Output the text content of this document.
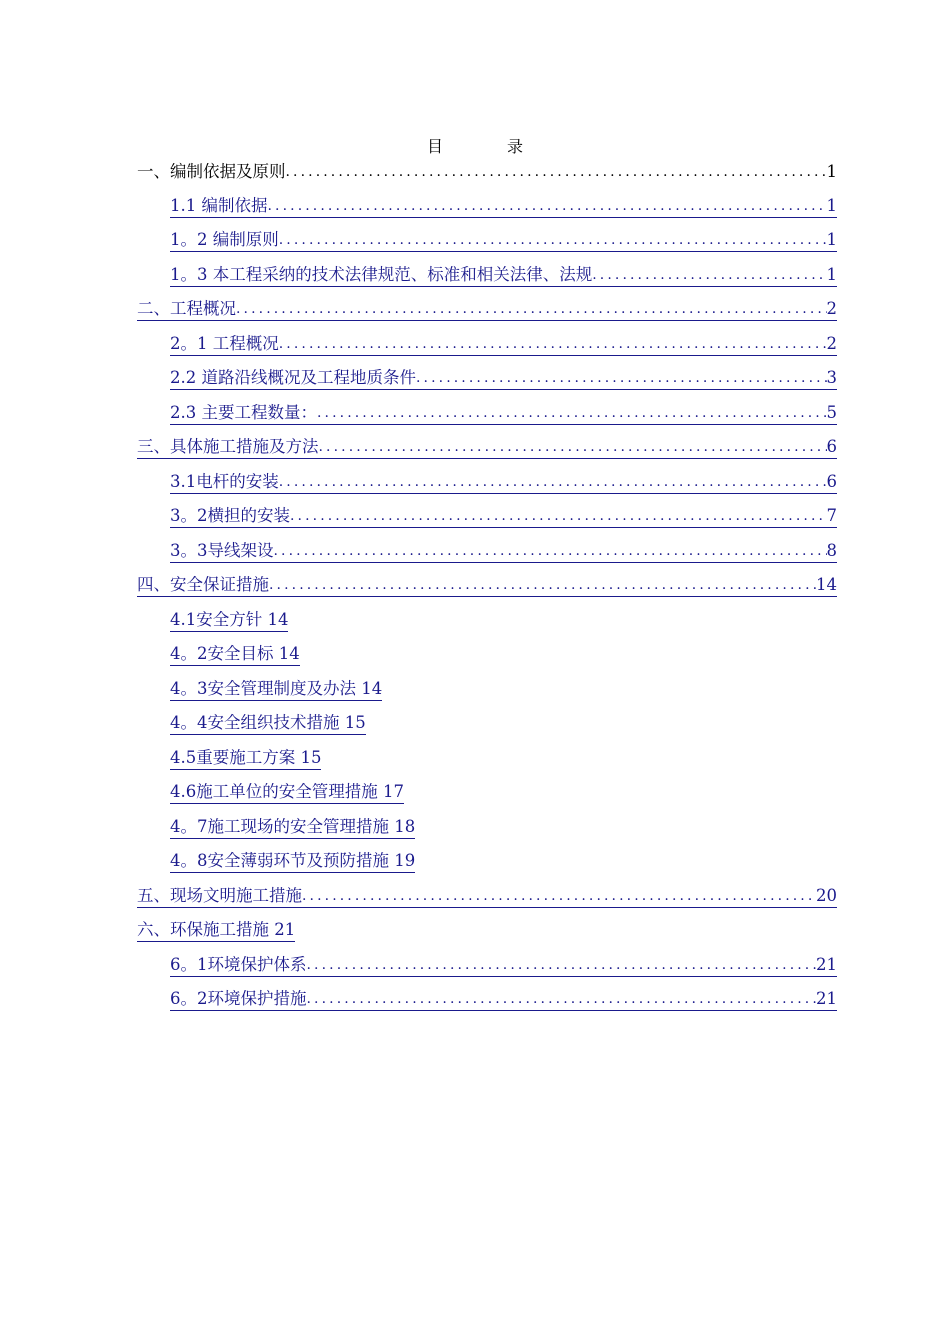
目　录
一、编制依据及原则 .....	1
1.1 编制依据 .....	1
1。2 编制原则 .....	1
1。3 本工程采纳的技术法律规范、标准和相关法律、法规 .....	1
二、工程概况 .....	2
2。1 工程概况 .....	2
2.2 道路沿线概况及工程地质条件 .....	3
2.3 主要工程数量： .....	5
三、具体施工措施及方法 .....	6
3.1电杆的安装 .....	6
3。2横担的安装 .....	7
3。3导线架设 .....	8
四、安全保证措施 .....	14
4.1安全方针 14
4。2安全目标 14
4。3安全管理制度及办法 14
4。4安全组织技术措施 15
4.5重要施工方案 15
4.6施工单位的安全管理措施 17
4。7施工现场的安全管理措施 18
4。8安全薄弱环节及预防措施 19
五、现场文明施工措施 .....	20
六、环保施工措施 21
6。1环境保护体系 .....	21
6。2环境保护措施 .....	21
